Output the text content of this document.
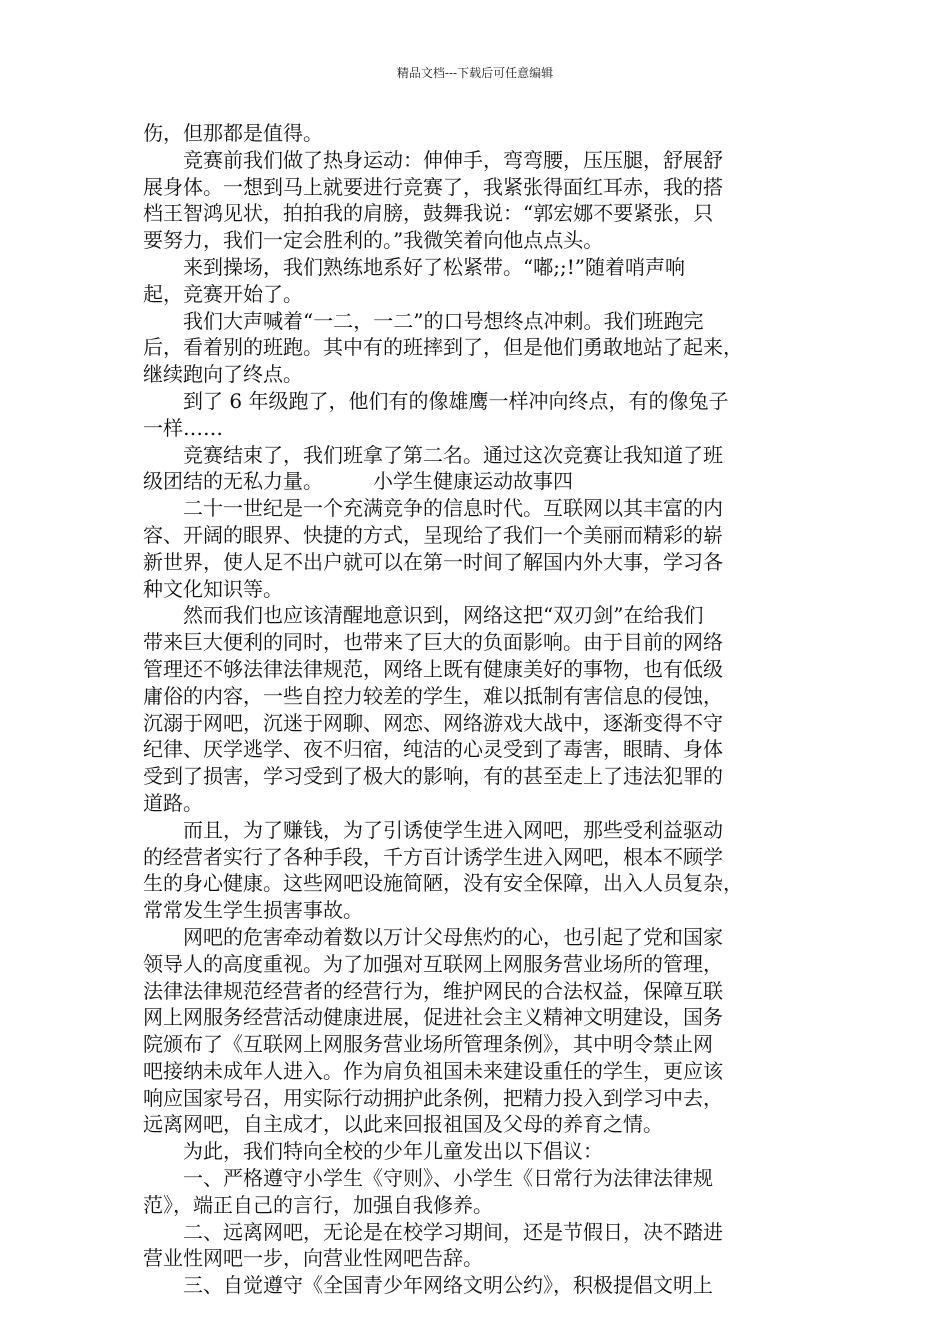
精品文档---下载后可任意编辑
伤，但那都是值得。
　　竞赛前我们做了热身运动：伸伸手，弯弯腰，压压腿，舒展舒
展身体。一想到马上就要进行竞赛了，我紧张得面红耳赤，我的搭
档王智鸿见状，拍拍我的肩膀，鼓舞我说：“郭宏娜不要紧张，只
要努力，我们一定会胜利的。”我微笑着向他点点头。
　　来到操场，我们熟练地系好了松紧带。“嘟;;!”随着哨声响
起，竞赛开始了。
　　我们大声喊着“一二，一二”的口号想终点冲刺。我们班跑完
后，看着别的班跑。其中有的班摔到了，但是他们勇敢地站了起来，
继续跑向了终点。
　　到了 6 年级跑了，他们有的像雄鹰一样冲向终点，有的像兔子
一样……
　　竞赛结束了，我们班拿了第二名。通过这次竞赛让我知道了班
级团结的无私力量。　　　小学生健康运动故事四
　　二十一世纪是一个充满竞争的信息时代。互联网以其丰富的内
容、开阔的眼界、快捷的方式，呈现给了我们一个美丽而精彩的崭
新世界，使人足不出户就可以在第一时间了解国内外大事，学习各
种文化知识等。
　　然而我们也应该清醒地意识到，网络这把“双刃剑”在给我们
带来巨大便利的同时，也带来了巨大的负面影响。由于目前的网络
管理还不够法律法律规范，网络上既有健康美好的事物，也有低级
庸俗的内容，一些自控力较差的学生，难以抵制有害信息的侵蚀，
沉溺于网吧，沉迷于网聊、网恋、网络游戏大战中，逐渐变得不守
纪律、厌学逃学、夜不归宿，纯洁的心灵受到了毒害，眼睛、身体
受到了损害，学习受到了极大的影响，有的甚至走上了违法犯罪的
道路。
　　而且，为了赚钱，为了引诱使学生进入网吧，那些受利益驱动
的经营者实行了各种手段，千方百计诱学生进入网吧，根本不顾学
生的身心健康。这些网吧设施简陋，没有安全保障，出入人员复杂，
常常发生学生损害事故。
　　网吧的危害牵动着数以万计父母焦灼的心，也引起了党和国家
领导人的高度重视。为了加强对互联网上网服务营业场所的管理，
法律法律规范经营者的经营行为，维护网民的合法权益，保障互联
网上网服务经营活动健康进展，促进社会主义精神文明建设，国务
院颁布了《互联网上网服务营业场所管理条例》，其中明令禁止网
吧接纳未成年人进入。作为肩负祖国未来建设重任的学生，更应该
响应国家号召，用实际行动拥护此条例，把精力投入到学习中去，
远离网吧，自主成才，以此来回报祖国及父母的养育之情。
　　为此，我们特向全校的少年儿童发出以下倡议：
　　一、严格遵守小学生《守则》、小学生《日常行为法律法律规
范》，端正自己的言行，加强自我修养。
　　二、远离网吧，无论是在校学习期间，还是节假日，决不踏进
营业性网吧一步，向营业性网吧告辞。
　　三、自觉遵守《全国青少年网络文明公约》，积极提倡文明上
